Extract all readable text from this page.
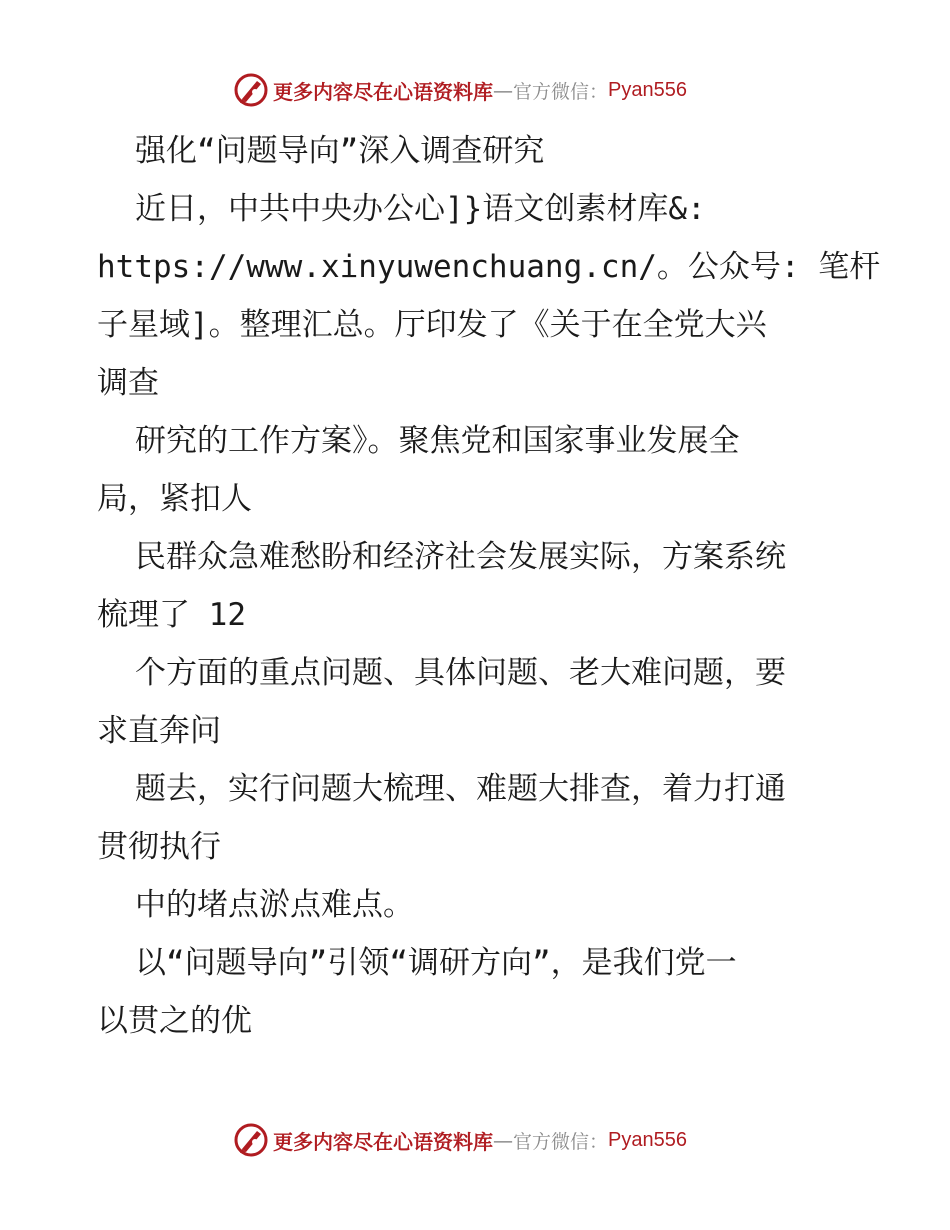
更多内容尽在心语资料库 — 官方微信： Pyan556
强化“问题导向”深入调查研究
近日，中共中央办公心]}语文创素材库&:
https://www.xinyuwenchuang.cn/。公众号: 笔杆
子星域]。整理汇总。厅印发了《关于在全党大兴
调查
研究的工作方案》。聚焦党和国家事业发展全
局，紧扣人
民群众急难愁盼和经济社会发展实际，方案系统
梳理了 12
个方面的重点问题、具体问题、老大难问题，要
求直奔问
题去，实行问题大梳理、难题大排查，着力打通
贯彻执行
中的堵点淤点难点。
以“问题导向”引领“调研方向”，是我们党一
以贯之的优
更多内容尽在心语资料库 — 官方微信： Pyan556
